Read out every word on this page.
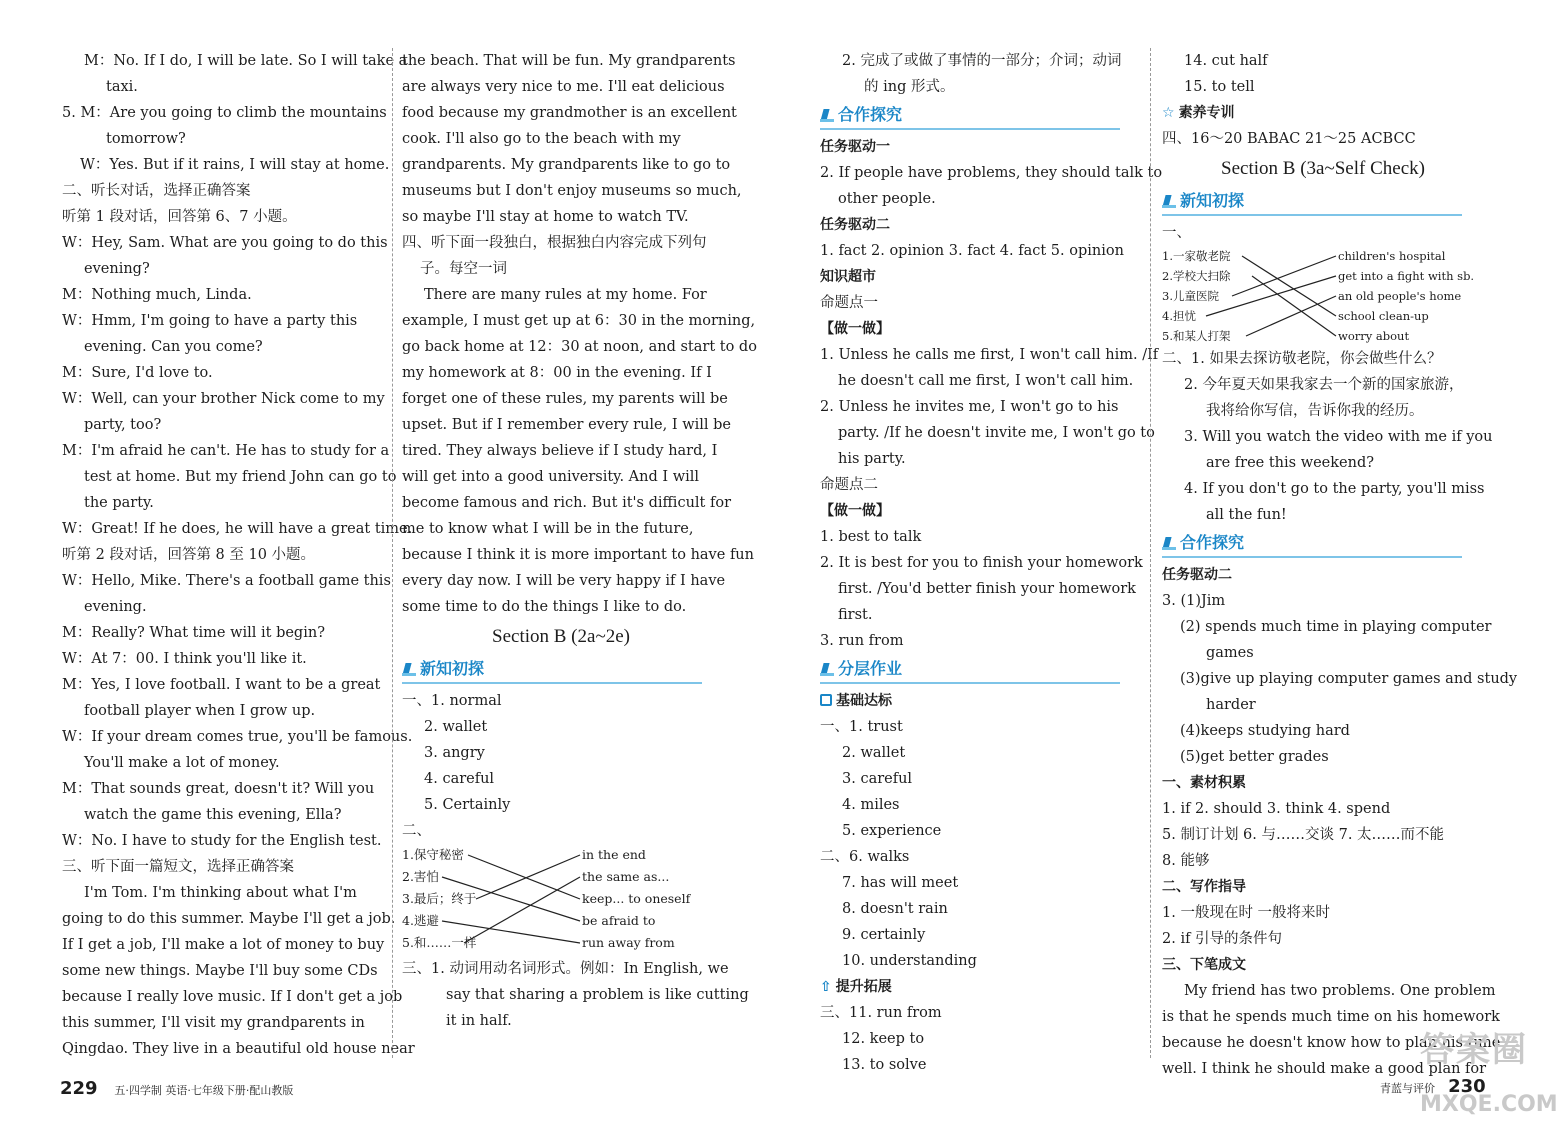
M：No. If I do, I will be late. So I will take a
taxi.
5. M：Are you going to climb the mountains
tomorrow?
W：Yes. But if it rains, I will stay at home.
二、听长对话，选择正确答案
听第 1 段对话，回答第 6、7 小题。
W：Hey, Sam. What are you going to do this
evening?
M：Nothing much, Linda.
W：Hmm, I'm going to have a party this
evening. Can you come?
M：Sure, I'd love to.
W：Well, can your brother Nick come to my
party, too?
M：I'm afraid he can't. He has to study for a
test at home. But my friend John can go to
the party.
W：Great! If he does, he will have a great time.
听第 2 段对话，回答第 8 至 10 小题。
W：Hello, Mike. There's a football game this
evening.
M：Really? What time will it begin?
W：At 7：00. I think you'll like it.
M：Yes, I love football. I want to be a great
football player when I grow up.
W：If your dream comes true, you'll be famous.
You'll make a lot of money.
M：That sounds great, doesn't it? Will you
watch the game this evening, Ella?
W：No. I have to study for the English test.
三、听下面一篇短文，选择正确答案
I'm Tom. I'm thinking about what I'm
going to do this summer. Maybe I'll get a job.
If I get a job, I'll make a lot of money to buy
some new things. Maybe I'll buy some CDs
because I really love music. If I don't get a job
this summer, I'll visit my grandparents in
Qingdao. They live in a beautiful old house near
the beach. That will be fun. My grandparents
are always very nice to me. I'll eat delicious
food because my grandmother is an excellent
cook. I'll also go to the beach with my
grandparents. My grandparents like to go to
museums but I don't enjoy museums so much,
so maybe I'll stay at home to watch TV.
四、听下面一段独白，根据独白内容完成下列句
子。每空一词
There are many rules at my home. For
example, I must get up at 6：30 in the morning,
go back home at 12：30 at noon, and start to do
my homework at 8：00 in the evening. If I
forget one of these rules, my parents will be
upset. But if I remember every rule, I will be
tired. They always believe if I study hard, I
will get into a good university. And I will
become famous and rich. But it's difficult for
me to know what I will be in the future,
because I think it is more important to have fun
every day now. I will be very happy if I have
some time to do the things I like to do.
Section B (2a~2e)
新知初探
一、1. normal
2. wallet
3. angry
4. careful
5. Certainly
二、
1.保守秘密
2.害怕
3.最后；终于
4.逃避
5.和……一样
in the end
the same as...
keep... to oneself
be afraid to
run away from
三、1. 动词用动名词形式。例如：In English, we
say that sharing a problem is like cutting
it in half.
2. 完成了或做了事情的一部分；介词；动词
的 ing 形式。
合作探究
任务驱动一
2. If people have problems, they should talk to
other people.
任务驱动二
1. fact 2. opinion 3. fact 4. fact 5. opinion
知识超市
命题点一
【做一做】
1. Unless he calls me first, I won't call him. /If
he doesn't call me first, I won't call him.
2. Unless he invites me, I won't go to his
party. /If he doesn't invite me, I won't go to
his party.
命题点二
【做一做】
1. best to talk
2. It is best for you to finish your homework
first. /You'd better finish your homework
first.
3. run from
分层作业
基础达标
一、1. trust
2. wallet
3. careful
4. miles
5. experience
二、6. walks
7. has will meet
8. doesn't rain
9. certainly
10. understanding
⇧ 提升拓展
三、11. run from
12. keep to
13. to solve
14. cut half
15. to tell
☆ 素养专训
四、16～20 BABAC 21～25 ACBCC
Section B (3a~Self Check)
新知初探
一、
1.一家敬老院
2.学校大扫除
3.儿童医院
4.担忧
5.和某人打架
children's hospital
get into a fight with sb.
an old people's home
school clean-up
worry about
二、1. 如果去探访敬老院，你会做些什么？
2. 今年夏天如果我家去一个新的国家旅游，
我将给你写信，告诉你我的经历。
3. Will you watch the video with me if you
are free this weekend?
4. If you don't go to the party, you'll miss
all the fun!
合作探究
任务驱动二
3. (1)Jim
(2) spends much time in playing computer
games
(3)give up playing computer games and study
harder
(4)keeps studying hard
(5)get better grades
一、素材积累
1. if 2. should 3. think 4. spend
5. 制订计划 6. 与……交谈 7. 太……而不能
8. 能够
二、写作指导
1. 一般现在时 一般将来时
2. if 引导的条件句
三、下笔成文
My friend has two problems. One problem
is that he spends much time on his homework
because he doesn't know how to plan his time
well. I think he should make a good plan for
229 五·四学制 英语·七年级下册·配山教版	青蓝与评价 230
答案圈
MXQE.COM
